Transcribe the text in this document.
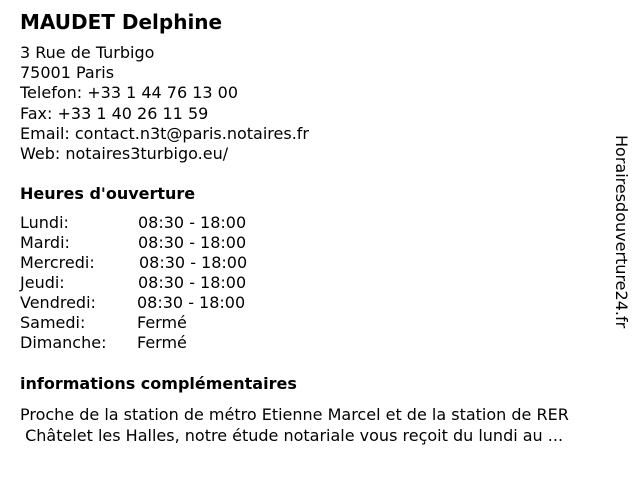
MAUDET Delphine
3 Rue de Turbigo
75001 Paris
Telefon: +33 1 44 76 13 00
Fax: +33 1 40 26 11 59
Email: contact.n3t@paris.notaires.fr
Web: notaires3turbigo.eu/
Heures d'ouverture
Lundi:	08:30 - 18:00
Mardi:	08:30 - 18:00
Mercredi:	08:30 - 18:00
Jeudi:	08:30 - 18:00
Vendredi:	08:30 - 18:00
Samedi:	Fermé
Dimanche: Fermé
informations complémentaires
Proche de la station de métro Etienne Marcel et de la station de RER
Châtelet les Halles, notre étude notariale vous reçoit du lundi au ...
Horairesdouverture24.fr
